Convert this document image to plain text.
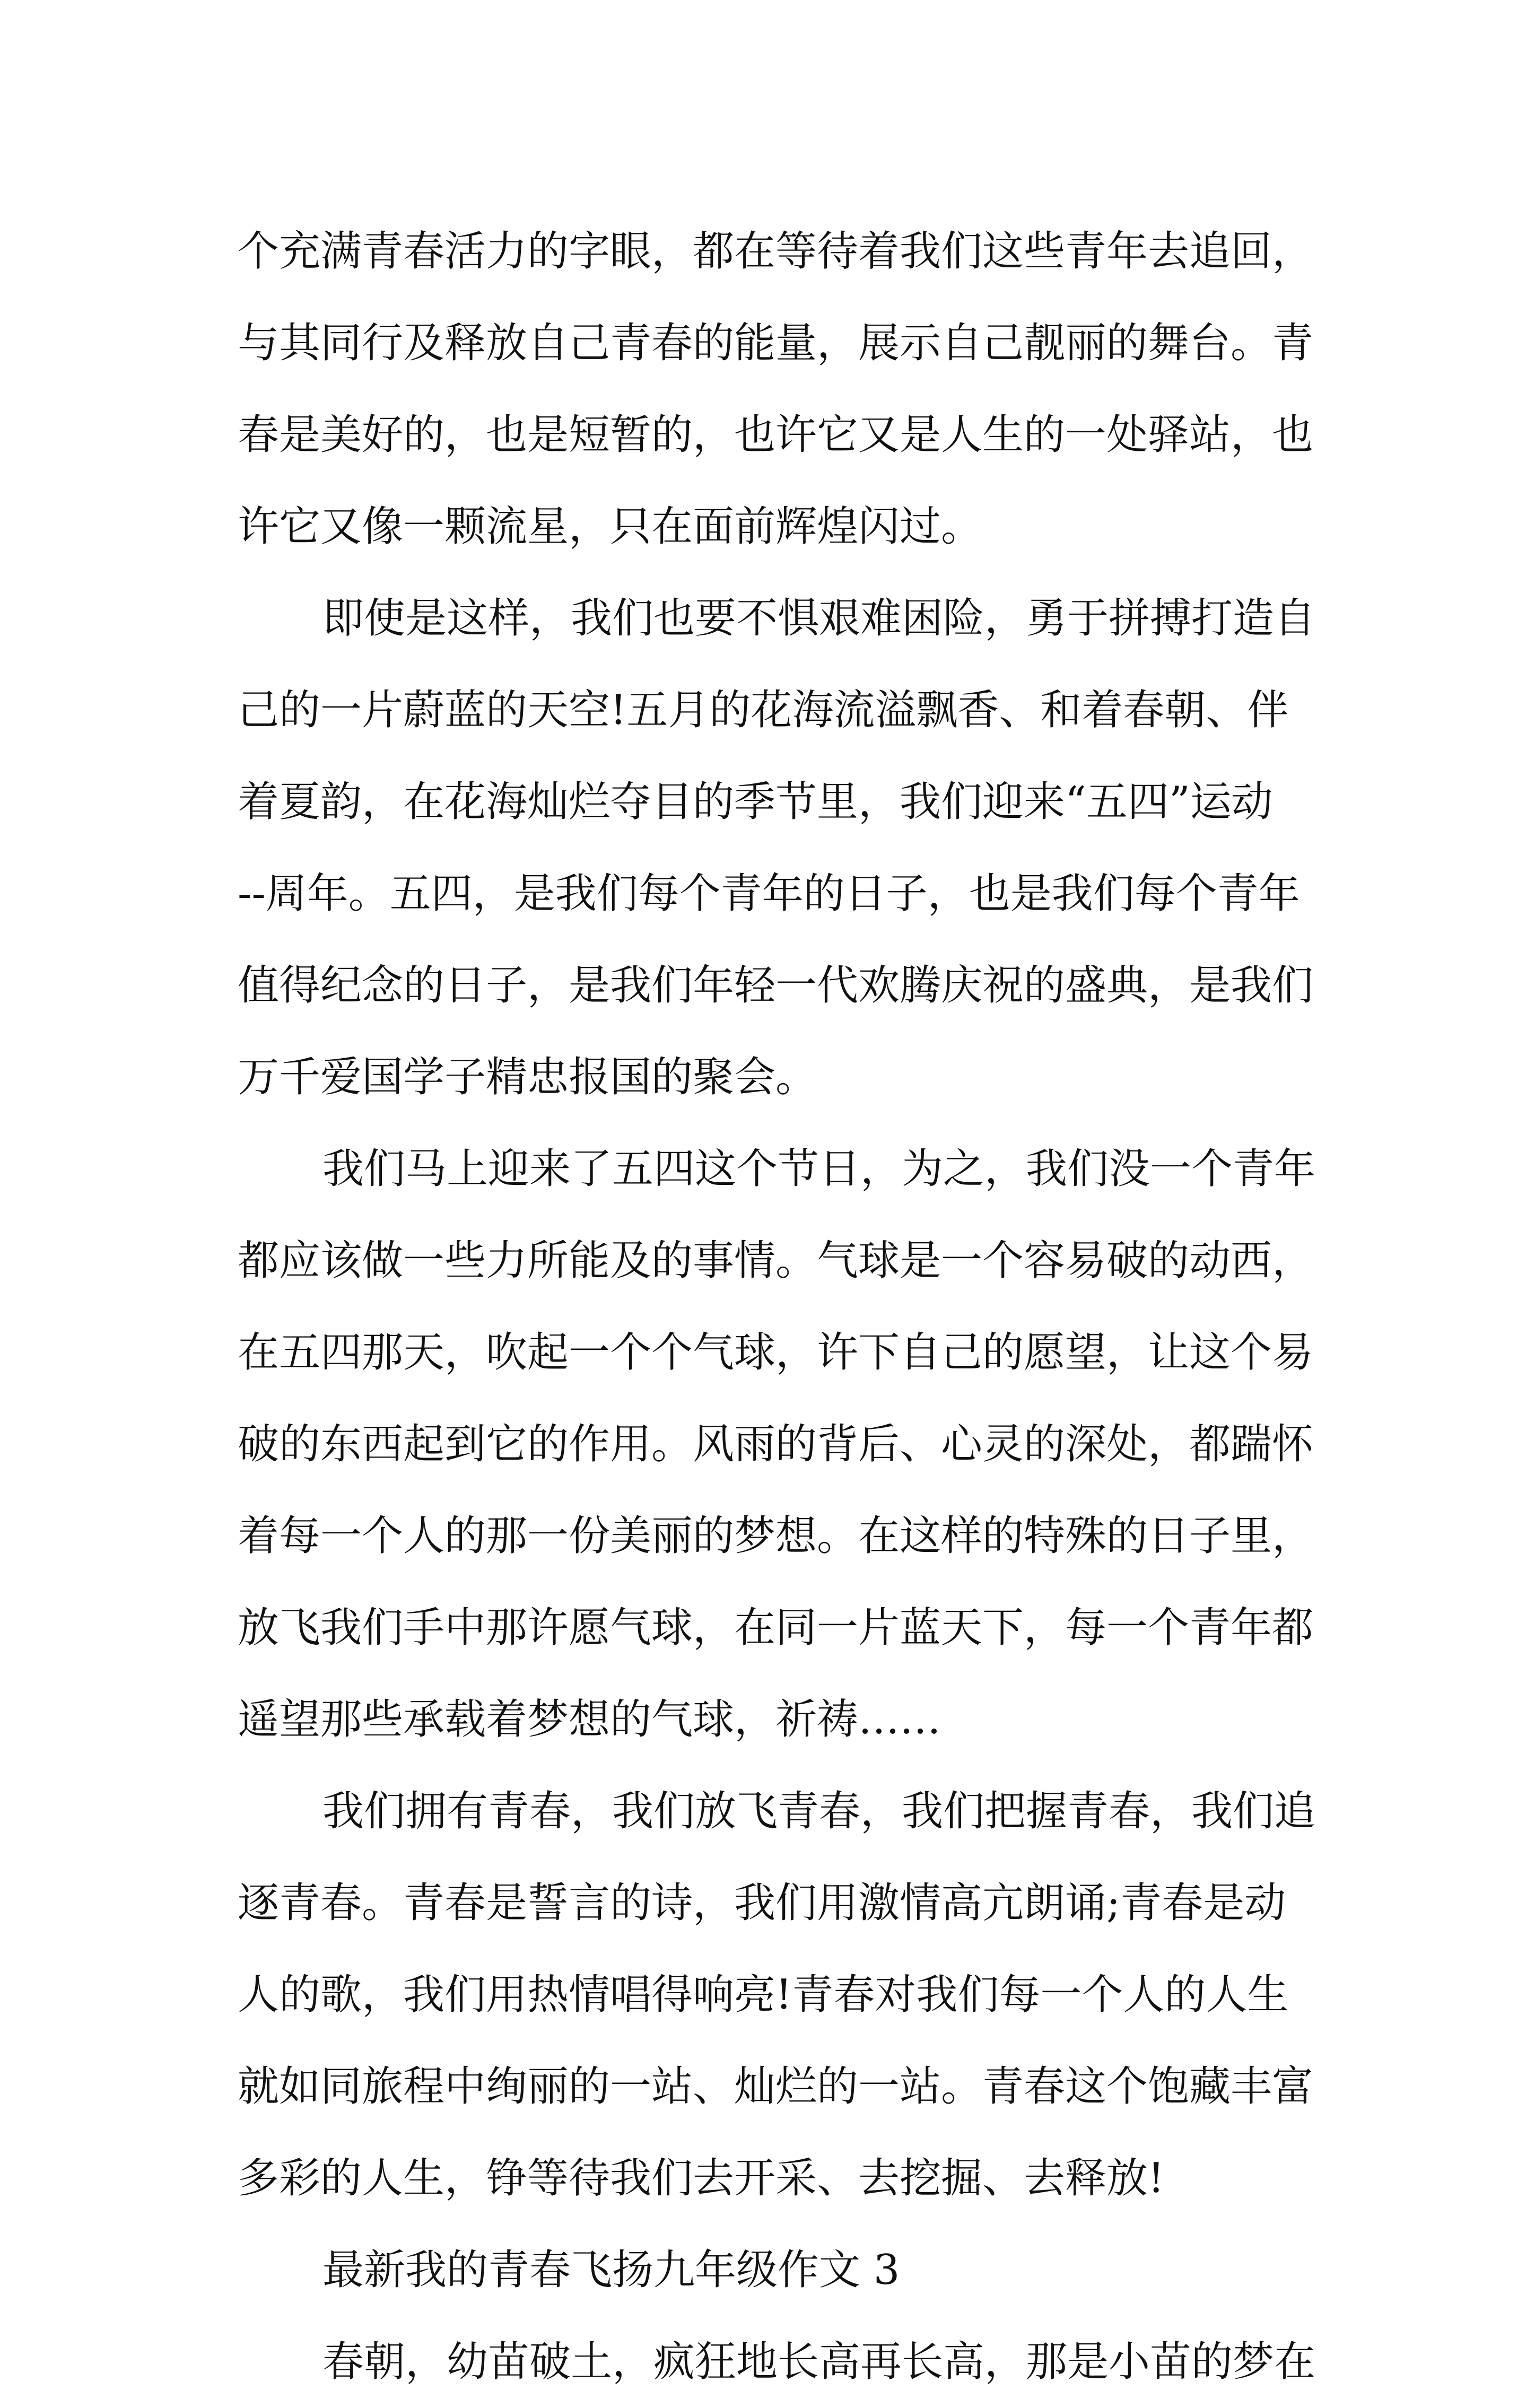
个充满青春活力的字眼，都在等待着我们这些青年去追回，
与其同行及释放自己青春的能量，展示自己靓丽的舞台。青
春是美好的，也是短暂的，也许它又是人生的一处驿站，也
许它又像一颗流星，只在面前辉煌闪过。
即使是这样，我们也要不惧艰难困险，勇于拼搏打造自
己的一片蔚蓝的天空!五月的花海流溢飘香、和着春朝、伴
着夏韵，在花海灿烂夺目的季节里，我们迎来“五四”运动
--周年。五四，是我们每个青年的日子，也是我们每个青年
值得纪念的日子，是我们年轻一代欢腾庆祝的盛典，是我们
万千爱国学子精忠报国的聚会。
我们马上迎来了五四这个节日，为之，我们没一个青年
都应该做一些力所能及的事情。气球是一个容易破的动西，
在五四那天，吹起一个个气球，许下自己的愿望，让这个易
破的东西起到它的作用。风雨的背后、心灵的深处，都踹怀
着每一个人的那一份美丽的梦想。在这样的特殊的日子里，
放飞我们手中那许愿气球，在同一片蓝天下，每一个青年都
遥望那些承载着梦想的气球，祈祷……
我们拥有青春，我们放飞青春，我们把握青春，我们追
逐青春。青春是誓言的诗，我们用激情高亢朗诵;青春是动
人的歌，我们用热情唱得响亮!青春对我们每一个人的人生
就如同旅程中绚丽的一站、灿烂的一站。青春这个饱藏丰富
多彩的人生，铮等待我们去开采、去挖掘、去释放!
最新我的青春飞扬九年级作文 3
春朝，幼苗破土，疯狂地长高再长高，那是小苗的梦在
